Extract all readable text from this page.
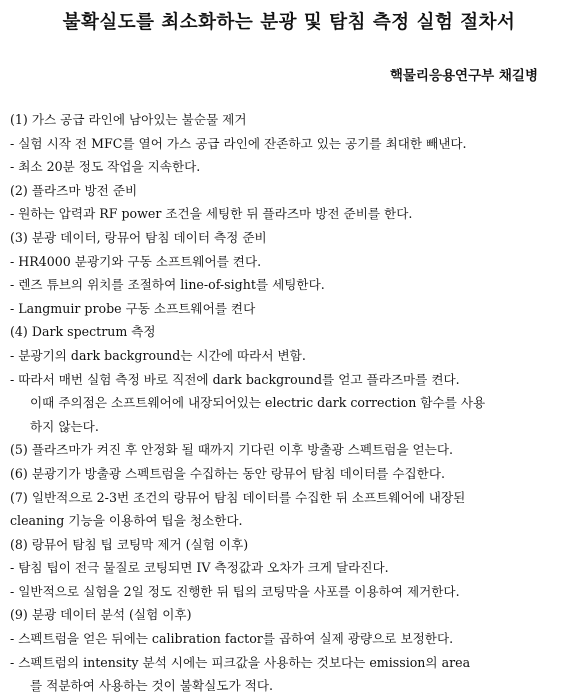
불확실도를 최소화하는 분광 및 탐침 측정 실험 절차서
핵물리응용연구부 채길병
(1) 가스 공급 라인에 남아있는 불순물 제거
- 실험 시작 전 MFC를 열어 가스 공급 라인에 잔존하고 있는 공기를 최대한 빼낸다.
- 최소 20분 정도 작업을 지속한다.
(2) 플라즈마 방전 준비
- 원하는 압력과 RF power 조건을 세팅한 뒤 플라즈마 방전 준비를 한다.
(3) 분광 데이터, 랑뮤어 탐침 데이터 측정 준비
- HR4000 분광기와 구동 소프트웨어를 켠다.
- 렌즈 튜브의 위치를 조절하여 line-of-sight를 세팅한다.
- Langmuir probe 구동 소프트웨어를 켠다
(4) Dark spectrum 측정
- 분광기의 dark background는 시간에 따라서 변함.
- 따라서 매번 실험 측정 바로 직전에 dark background를 얻고 플라즈마를 켠다.
이때 주의점은 소프트웨어에 내장되어있는 electric dark correction 함수를 사용
하지 않는다.
(5) 플라즈마가 켜진 후 안정화 될 때까지 기다린 이후 방출광 스펙트럼을 얻는다.
(6) 분광기가 방출광 스펙트럼을 수집하는 동안 랑뮤어 탐침 데이터를 수집한다.
(7) 일반적으로 2-3번 조건의 랑뮤어 탐침 데이터를 수집한 뒤 소프트웨어에 내장된
cleaning 기능을 이용하여 팁을 청소한다.
(8) 랑뮤어 탐침 팁 코팅막 제거 (실험 이후)
- 탐침 팁이 전극 물질로 코팅되면 IV 측정값과 오차가 크게 달라진다.
- 일반적으로 실험을 2일 정도 진행한 뒤 팁의 코팅막을 사포를 이용하여 제거한다.
(9) 분광 데이터 분석 (실험 이후)
- 스펙트럼을 얻은 뒤에는 calibration factor를 곱하여 실제 광량으로 보정한다.
- 스펙트럼의 intensity 분석 시에는 피크값을 사용하는 것보다는 emission의 area
를 적분하여 사용하는 것이 불확실도가 적다.
